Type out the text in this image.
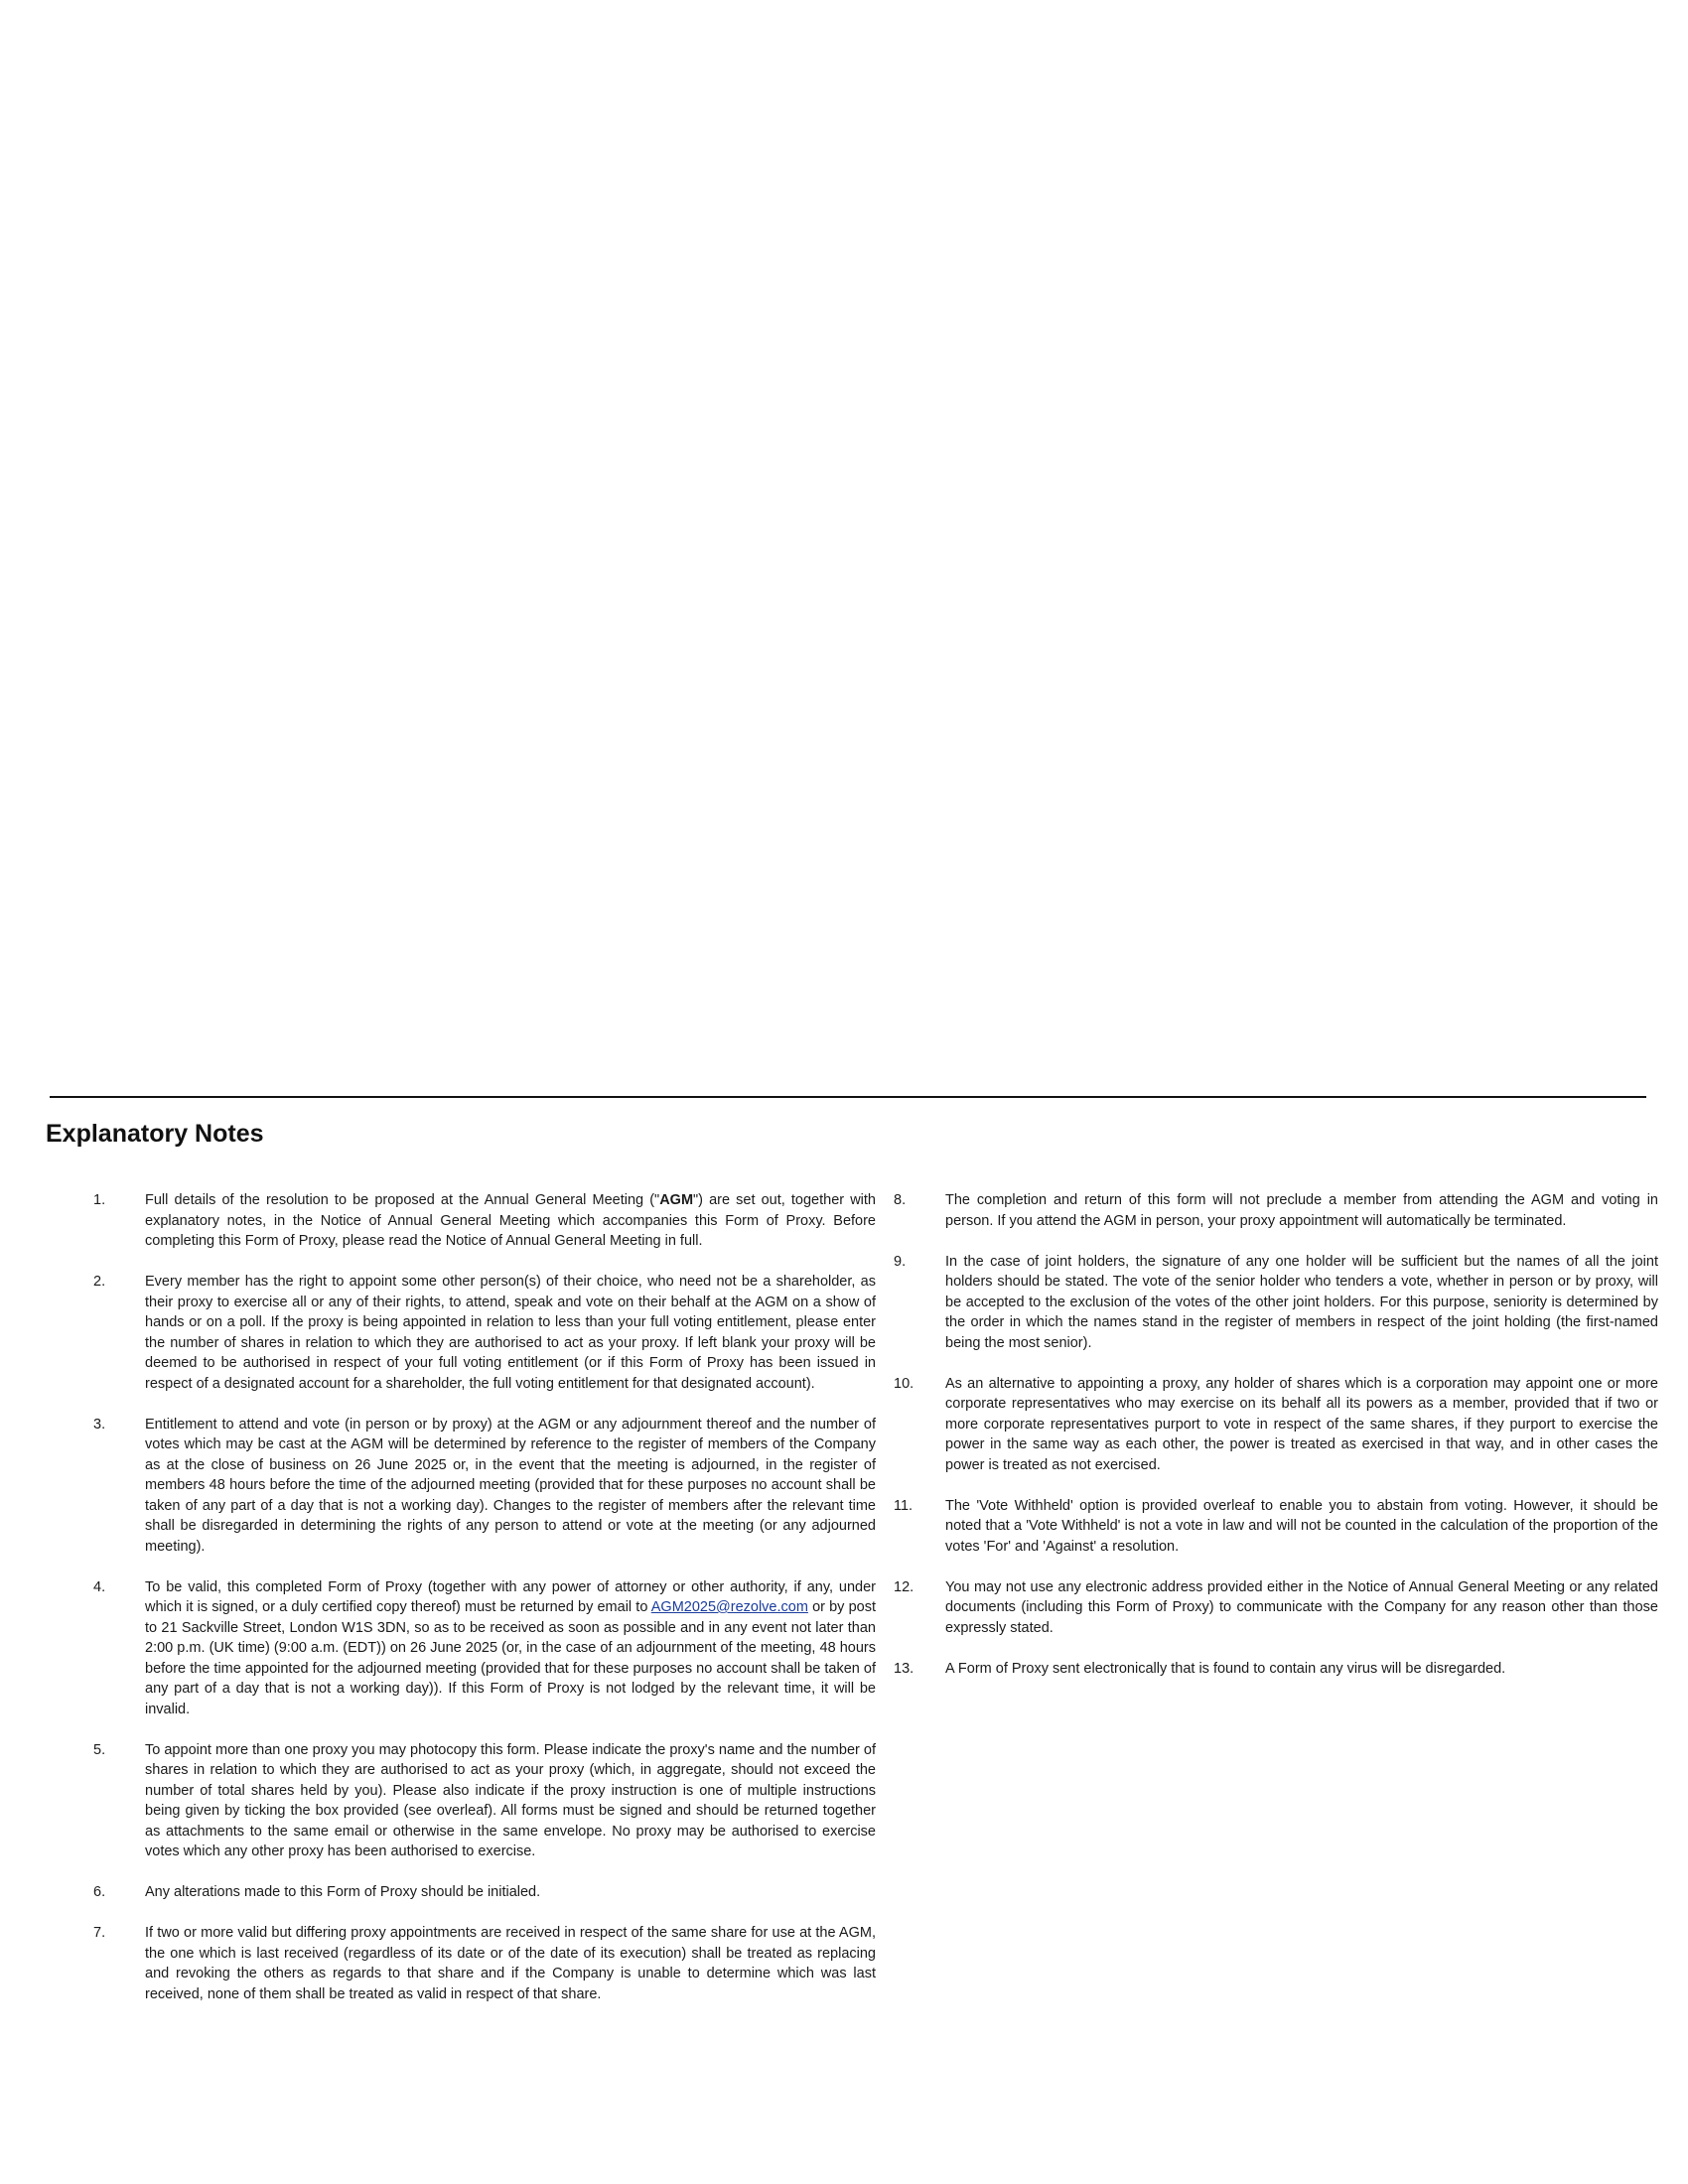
Explanatory Notes
1.	Full details of the resolution to be proposed at the Annual General Meeting ("AGM") are set out, together with explanatory notes, in the Notice of Annual General Meeting which accompanies this Form of Proxy. Before completing this Form of Proxy, please read the Notice of Annual General Meeting in full.

2.	Every member has the right to appoint some other person(s) of their choice, who need not be a shareholder, as their proxy to exercise all or any of their rights, to attend, speak and vote on their behalf at the AGM on a show of hands or on a poll. If the proxy is being appointed in relation to less than your full voting entitlement, please enter the number of shares in relation to which they are authorised to act as your proxy. If left blank your proxy will be deemed to be authorised in respect of your full voting entitlement (or if this Form of Proxy has been issued in respect of a designated account for a shareholder, the full voting entitlement for that designated account).

3.	Entitlement to attend and vote (in person or by proxy) at the AGM or any adjournment thereof and the number of votes which may be cast at the AGM will be determined by reference to the register of members of the Company as at the close of business on 26 June 2025 or, in the event that the meeting is adjourned, in the register of members 48 hours before the time of the adjourned meeting (provided that for these purposes no account shall be taken of any part of a day that is not a working day). Changes to the register of members after the relevant time shall be disregarded in determining the rights of any person to attend or vote at the meeting (or any adjourned meeting).

4.	To be valid, this completed Form of Proxy (together with any power of attorney or other authority, if any, under which it is signed, or a duly certified copy thereof) must be returned by email to AGM2025@rezolve.com or by post to 21 Sackville Street, London W1S 3DN, so as to be received as soon as possible and in any event not later than 2:00 p.m. (UK time) (9:00 a.m. (EDT)) on 26 June 2025 (or, in the case of an adjournment of the meeting, 48 hours before the time appointed for the adjourned meeting (provided that for these purposes no account shall be taken of any part of a day that is not a working day)). If this Form of Proxy is not lodged by the relevant time, it will be invalid.

5.	To appoint more than one proxy you may photocopy this form. Please indicate the proxy's name and the number of shares in relation to which they are authorised to act as your proxy (which, in aggregate, should not exceed the number of total shares held by you). Please also indicate if the proxy instruction is one of multiple instructions being given by ticking the box provided (see overleaf). All forms must be signed and should be returned together as attachments to the same email or otherwise in the same envelope. No proxy may be authorised to exercise votes which any other proxy has been authorised to exercise.

6.	Any alterations made to this Form of Proxy should be initialed.

7.	If two or more valid but differing proxy appointments are received in respect of the same share for use at the AGM, the one which is last received (regardless of its date or of the date of its execution) shall be treated as replacing and revoking the others as regards to that share and if the Company is unable to determine which was last received, none of them shall be treated as valid in respect of that share.

8.	The completion and return of this form will not preclude a member from attending the AGM and voting in person. If you attend the AGM in person, your proxy appointment will automatically be terminated.

9.	In the case of joint holders, the signature of any one holder will be sufficient but the names of all the joint holders should be stated. The vote of the senior holder who tenders a vote, whether in person or by proxy, will be accepted to the exclusion of the votes of the other joint holders. For this purpose, seniority is determined by the order in which the names stand in the register of members in respect of the joint holding (the first-named being the most senior).

10.	As an alternative to appointing a proxy, any holder of shares which is a corporation may appoint one or more corporate representatives who may exercise on its behalf all its powers as a member, provided that if two or more corporate representatives purport to vote in respect of the same shares, if they purport to exercise the power in the same way as each other, the power is treated as exercised in that way, and in other cases the power is treated as not exercised.

11.	The 'Vote Withheld' option is provided overleaf to enable you to abstain from voting. However, it should be noted that a 'Vote Withheld' is not a vote in law and will not be counted in the calculation of the proportion of the votes 'For' and 'Against' a resolution.

12.	You may not use any electronic address provided either in the Notice of Annual General Meeting or any related documents (including this Form of Proxy) to communicate with the Company for any reason other than those expressly stated.

13.	A Form of Proxy sent electronically that is found to contain any virus will be disregarded.
